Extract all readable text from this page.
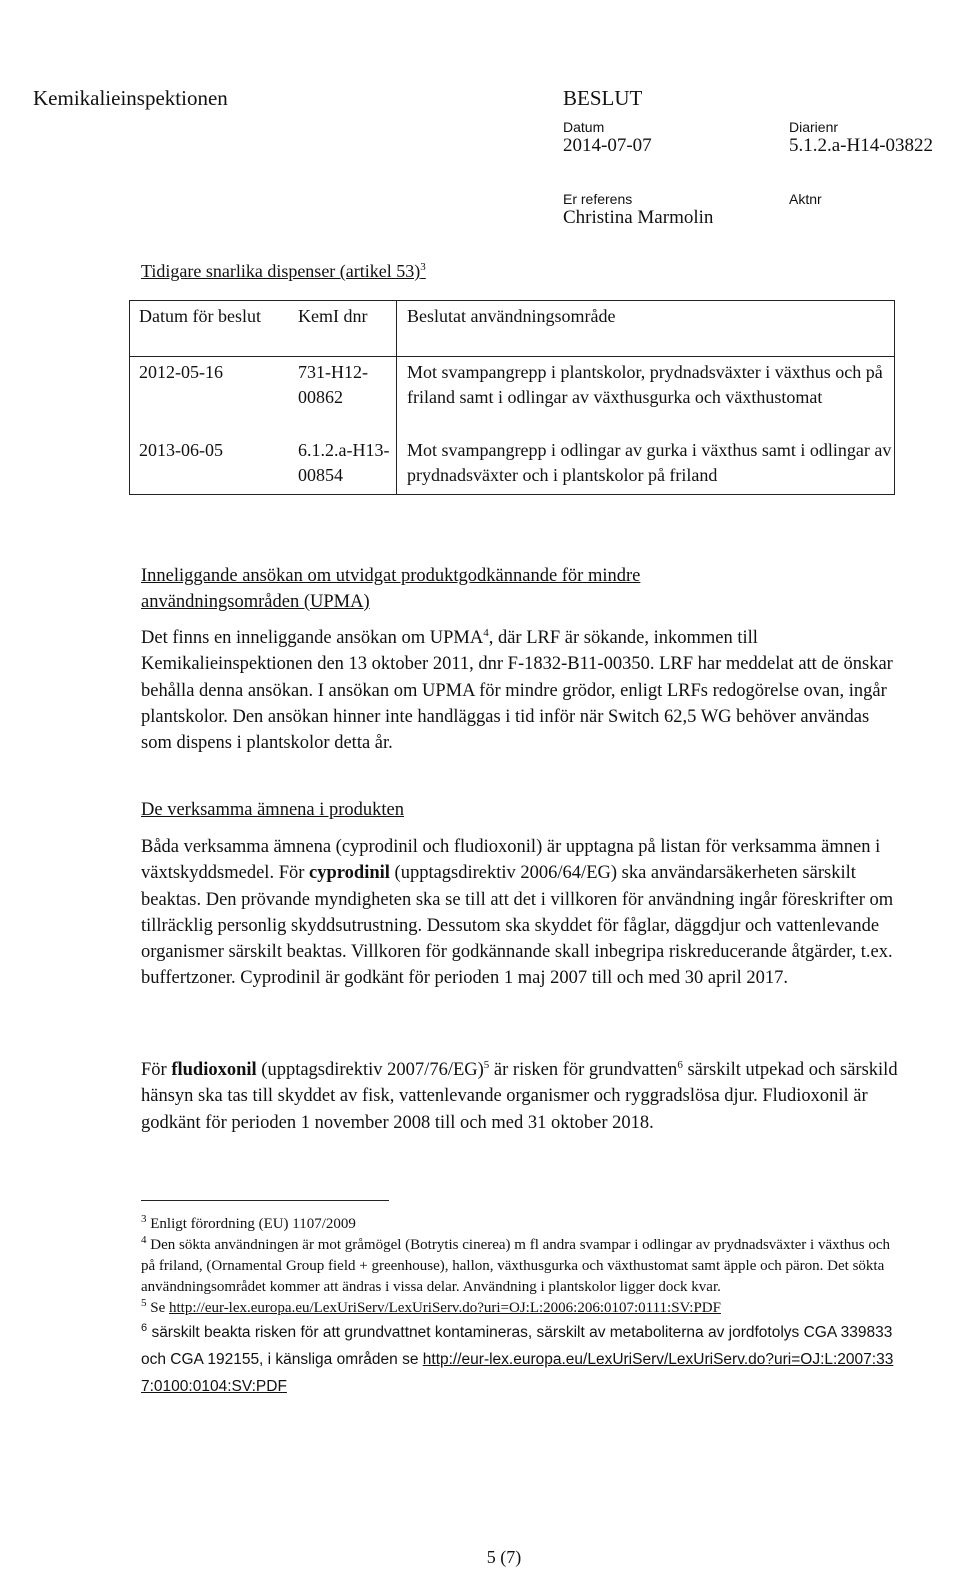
Kemikalieinspektionen	BESLUT
Datum
2014-07-07
Diarienr
5.1.2.a-H14-03822
Er referens
Christina Marmolin
Aktnr
Tidigare snarlika dispenser (artikel 53)$^3$
Datum för beslut	KemI dnr	Beslutat användningsområde
2012-05-16	731-H12-00862	Mot svampangrepp i plantskolor, prydnadsväxter i växthus och på friland samt i odlingar av växthusgurka och växthustomat
2013-06-05	6.1.2.a-H13-00854	Mot svampangrepp i odlingar av gurka i växthus samt i odlingar av prydnadsväxter och i plantskolor på friland
Inneliggande ansökan om utvidgat produktgodkännande för mindre användningsområden (UPMA)

Det finns en inneliggande ansökan om UPMA$^4$, där LRF är sökande, inkommen till Kemikalieinspektionen den 13 oktober 2011, dnr F-1832-B11-00350. LRF har meddelat att de önskar behålla denna ansökan. I ansökan om UPMA för mindre grödor, enligt LRFs redogörelse ovan, ingår plantskolor. Den ansökan hinner inte handläggas i tid inför när Switch 62,5 WG behöver användas som dispens i plantskolor detta år.

De verksamma ämnena i produkten

Båda verksamma ämnena (cyprodinil och fludioxonil) är upptagna på listan för verksamma ämnen i växtskyddsmedel. För cyprodinil (upptagsdirektiv 2006/64/EG) ska användarsäkerheten särskilt beaktas. Den prövande myndigheten ska se till att det i villkoren för användning ingår föreskrifter om tillräcklig personlig skyddsutrustning. Dessutom ska skyddet för fåglar, däggdjur och vattenlevande organismer särskilt beaktas. Villkoren för godkännande skall inbegripa riskreducerande åtgärder, t.ex. buffertzoner. Cyprodinil är godkänt för perioden 1 maj 2007 till och med 30 april 2017.

För fludioxonil (upptagsdirektiv 2007/76/EG)$^5$ är risken för grundvatten$^6$ särskilt utpekad och särskild hänsyn ska tas till skyddet av fisk, vattenlevande organismer och ryggradslösa djur. Fludioxonil är godkänt för perioden 1 november 2008 till och med 31 oktober 2018.

$^3$ Enligt förordning (EU) 1107/2009

$^4$ Den sökta användningen är mot gråmögel (Botrytis cinerea) m fl andra svampar i odlingar av prydnadsväxter i växthus och på friland, (Ornamental Group field + greenhouse), hallon, växthusgurka och växthustomat samt äpple och päron. Det sökta användningsområdet kommer att ändras i vissa delar. Användning i plantskolor ligger dock kvar.

$^5$ Se http://eur-lex.europa.eu/LexUriServ/LexUriServ.do?uri=OJ:L:2006:206:0107:0111:SV:PDF

$^6$ särskilt beakta risken för att grundvattnet kontamineras, särskilt av metaboliterna av jordfotolys CGA 339833 och CGA 192155, i känsliga områden se http://eur-lex.europa.eu/LexUriServ/LexUriServ.do?uri=OJ:L:2007:337:0100:0104:SV:PDF

5 (7)
